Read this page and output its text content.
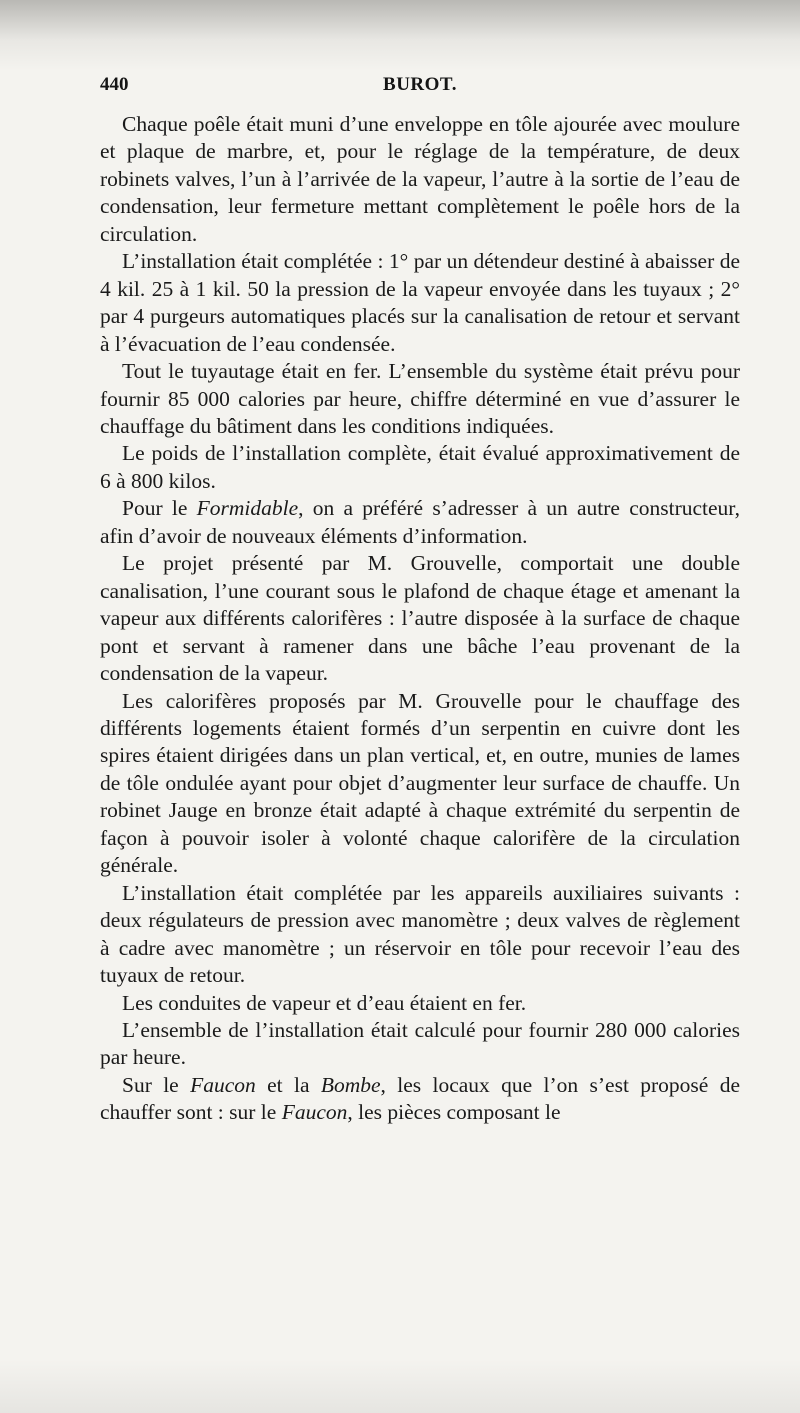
440	BUROT.

Chaque poêle était muni d’une enveloppe en tôle ajourée avec moulure et plaque de marbre, et, pour le réglage de la température, de deux robinets valves, l’un à l’arrivée de la vapeur, l’autre à la sortie de l’eau de condensation, leur fermeture mettant complètement le poêle hors de la circulation.

L’installation était complétée : 1° par un détendeur destiné à abaisser de 4 kil. 25 à 1 kil. 50 la pression de la vapeur envoyée dans les tuyaux ; 2° par 4 purgeurs automatiques placés sur la canalisation de retour et servant à l’évacuation de l’eau condensée.

Tout le tuyautage était en fer. L’ensemble du système était prévu pour fournir 85 000 calories par heure, chiffre déterminé en vue d’assurer le chauffage du bâtiment dans les conditions indiquées.

Le poids de l’installation complète, était évalué approximativement de 6 à 800 kilos.

Pour le Formidable, on a préféré s’adresser à un autre constructeur, afin d’avoir de nouveaux éléments d’information.

Le projet présenté par M. Grouvelle, comportait une double canalisation, l’une courant sous le plafond de chaque étage et amenant la vapeur aux différents calorifères : l’autre disposée à la surface de chaque pont et servant à ramener dans une bâche l’eau provenant de la condensation de la vapeur.

Les calorifères proposés par M. Grouvelle pour le chauffage des différents logements étaient formés d’un serpentin en cuivre dont les spires étaient dirigées dans un plan vertical, et, en outre, munies de lames de tôle ondulée ayant pour objet d’augmenter leur surface de chauffe. Un robinet Jauge en bronze était adapté à chaque extrémité du serpentin de façon à pouvoir isoler à volonté chaque calorifère de la circulation générale.

L’installation était complétée par les appareils auxiliaires suivants : deux régulateurs de pression avec manomètre ; deux valves de règlement à cadre avec manomètre ; un réservoir en tôle pour recevoir l’eau des tuyaux de retour.

Les conduites de vapeur et d’eau étaient en fer.

L’ensemble de l’installation était calculé pour fournir 280 000 calories par heure.

Sur le Faucon et la Bombe, les locaux que l’on s’est proposé de chauffer sont : sur le Faucon, les pièces composant le
